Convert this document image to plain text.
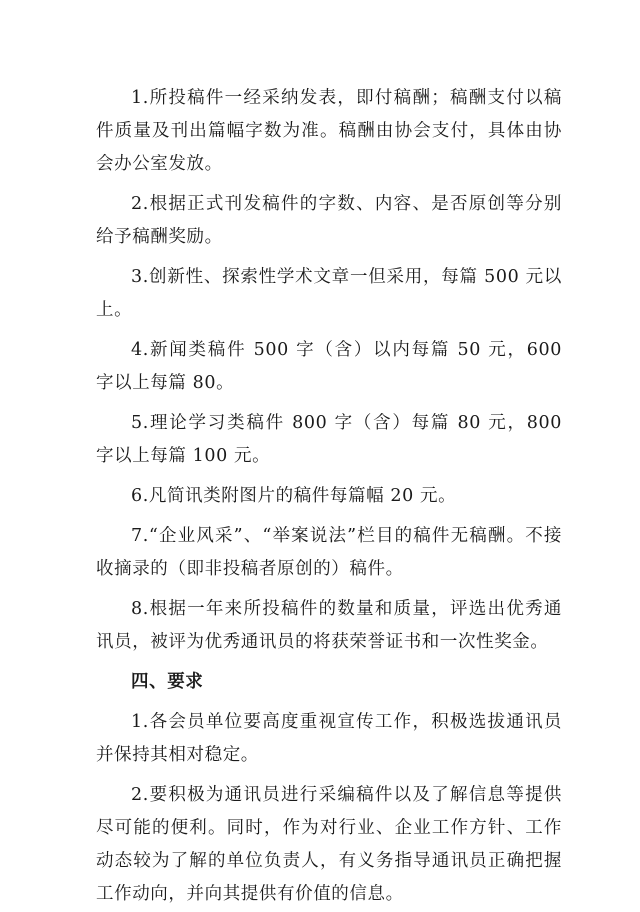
1.所投稿件一经采纳发表，即付稿酬；稿酬支付以稿件质量及刊出篇幅字数为准。稿酬由协会支付，具体由协会办公室发放。

2.根据正式刊发稿件的字数、内容、是否原创等分别给予稿酬奖励。

3.创新性、探索性学术文章一但采用，每篇 500 元以上。

4.新闻类稿件 500 字（含）以内每篇 50 元，600 字以上每篇 80。

5.理论学习类稿件 800 字（含）每篇 80 元，800 字以上每篇 100 元。

6.凡简讯类附图片的稿件每篇幅 20 元。

7.“企业风采”、“举案说法”栏目的稿件无稿酬。不接收摘录的（即非投稿者原创的）稿件。

8.根据一年来所投稿件的数量和质量，评选出优秀通讯员，被评为优秀通讯员的将获荣誉证书和一次性奖金。

四、要求

1.各会员单位要高度重视宣传工作，积极选拔通讯员并保持其相对稳定。

2.要积极为通讯员进行采编稿件以及了解信息等提供尽可能的便利。同时，作为对行业、企业工作方针、工作动态较为了解的单位负责人，有义务指导通讯员正确把握工作动向，并向其提供有价值的信息。
